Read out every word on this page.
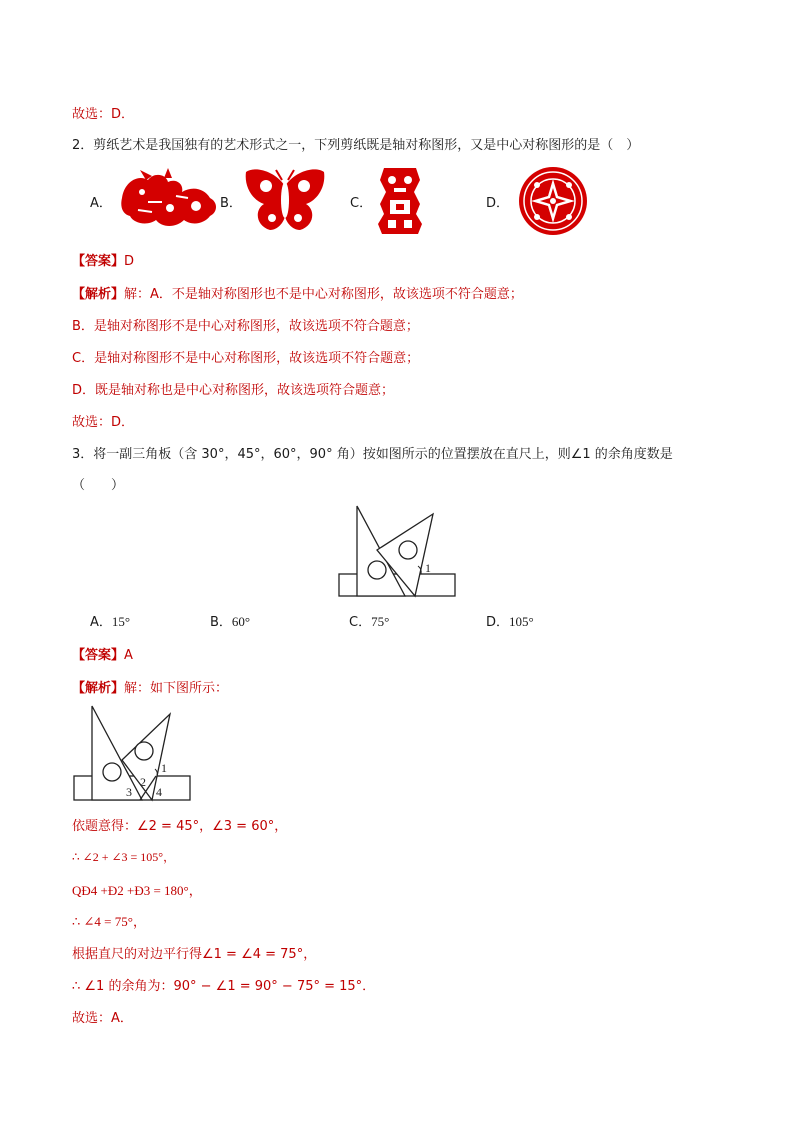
故选：D．
2．剪纸艺术是我国独有的艺术形式之一，下列剪纸既是轴对称图形，又是中心对称图形的是（　）
A．	B．	C．	D．
【答案】D
【解析】解：A．不是轴对称图形也不是中心对称图形，故该选项不符合题意；
B．是轴对称图形不是中心对称图形，故该选项不符合题意；
C．是轴对称图形不是中心对称图形，故该选项不符合题意；
D．既是轴对称也是中心对称图形，故该选项符合题意；
故选：D．
3．将一副三角板（含 30°，45°，60°，90° 角）按如图所示的位置摆放在直尺上，则∠1 的余角度数是
（　　）
1
A．15°	B．60°	C．75°	D．105°
【答案】A
【解析】解：如下图所示：
1
2
3 4
依题意得：∠2 = 45°，∠3 = 60°，
∴ ∠2 + ∠3 = 105°，
QÐ4 +Ð2 +Ð3 = 180°，
∴ ∠4 = 75°，
根据直尺的对边平行得∠1 = ∠4 = 75°，
∴ ∠1 的余角为：90° − ∠1 = 90° − 75° = 15°．
故选：A．
